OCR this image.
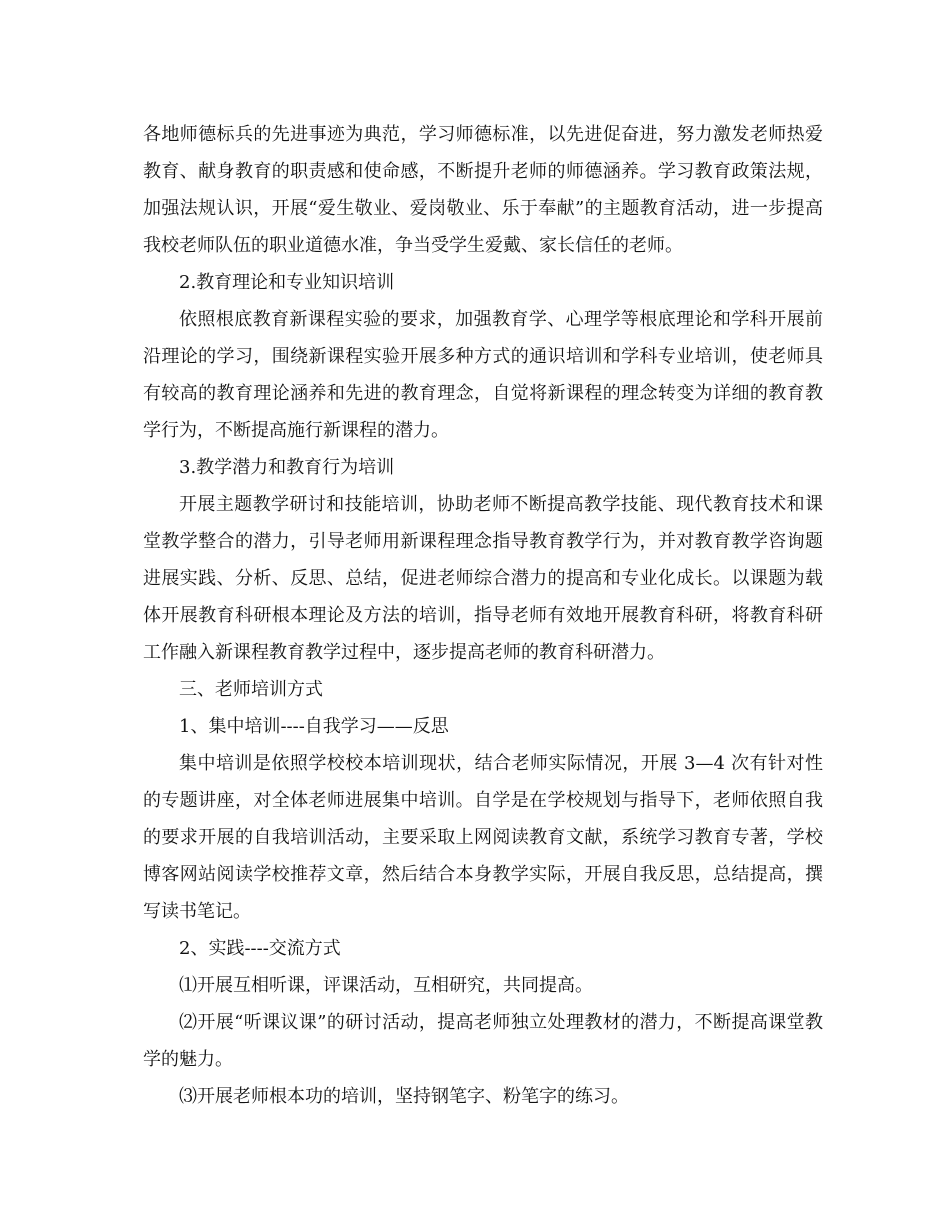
各地师德标兵的先进事迹为典范，学习师德标准，以先进促奋进，努力激发老师热爱教育、献身教育的职责感和使命感，不断提升老师的师德涵养。学习教育政策法规，加强法规认识，开展“爱生敬业、爱岗敬业、乐于奉献”的主题教育活动，进一步提高我校老师队伍的职业道德水准，争当受学生爱戴、家长信任的老师。

2.教育理论和专业知识培训

依照根底教育新课程实验的要求，加强教育学、心理学等根底理论和学科开展前沿理论的学习，围绕新课程实验开展多种方式的通识培训和学科专业培训，使老师具有较高的教育理论涵养和先进的教育理念，自觉将新课程的理念转变为详细的教育教学行为，不断提高施行新课程的潜力。

3.教学潜力和教育行为培训

开展主题教学研讨和技能培训，协助老师不断提高教学技能、现代教育技术和课堂教学整合的潜力，引导老师用新课程理念指导教育教学行为，并对教育教学咨询题进展实践、分析、反思、总结，促进老师综合潜力的提高和专业化成长。以课题为载体开展教育科研根本理论及方法的培训，指导老师有效地开展教育科研，将教育科研工作融入新课程教育教学过程中，逐步提高老师的教育科研潜力。

三、老师培训方式

1、集中培训----自我学习——反思

集中培训是依照学校校本培训现状，结合老师实际情况，开展 3—4 次有针对性的专题讲座，对全体老师进展集中培训。自学是在学校规划与指导下，老师依照自我的要求开展的自我培训活动，主要采取上网阅读教育文献，系统学习教育专著，学校博客网站阅读学校推荐文章，然后结合本身教学实际，开展自我反思，总结提高，撰写读书笔记。

2、实践----交流方式

⑴开展互相听课，评课活动，互相研究，共同提高。

⑵开展“听课议课”的研讨活动，提高老师独立处理教材的潜力，不断提高课堂教学的魅力。

⑶开展老师根本功的培训，坚持钢笔字、粉笔字的练习。
